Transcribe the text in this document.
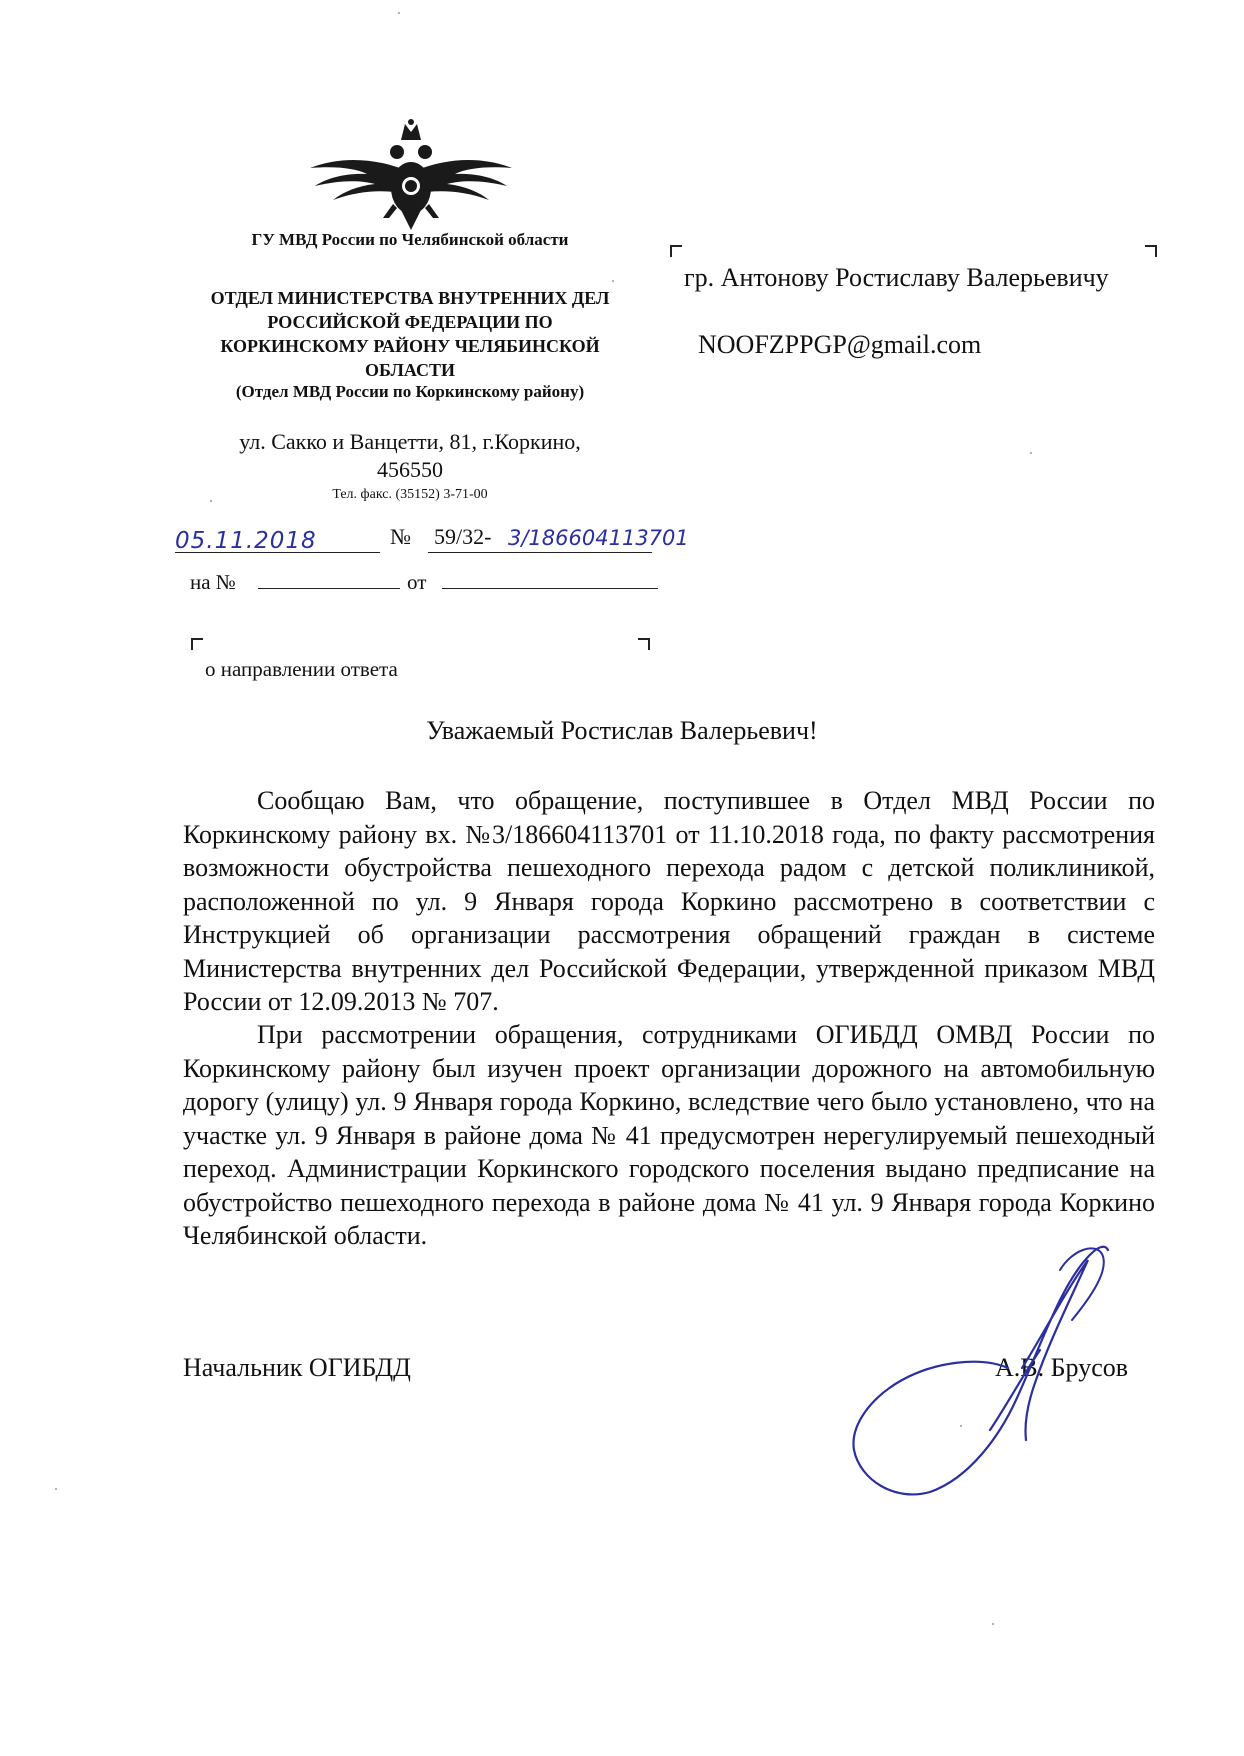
ГУ МВД России по Челябинской области
ОТДЕЛ МИНИСТЕРСТВА ВНУТРЕННИХ ДЕЛ
РОССИЙСКОЙ ФЕДЕРАЦИИ ПО
КОРКИНСКОМУ РАЙОНУ ЧЕЛЯБИНСКОЙ
ОБЛАСТИ
(Отдел МВД России по Коркинскому району)
ул. Сакко и Ванцетти, 81, г.Коркино,
456550
Тел. факс. (35152) 3-71-00
05.11.2018	№ 59/32- 3/186604113701
на №	от
о направлении ответа
гр. Антонову Ростиславу Валерьевичу
NOOFZPPGP@gmail.com
Уважаемый Ростислав Валерьевич!
Сообщаю Вам, что обращение, поступившее в Отдел МВД России по Коркинскому району вх. №3/186604113701 от 11.10.2018 года, по факту рассмотрения возможности обустройства пешеходного перехода радом с детской поликлиникой, расположенной по ул. 9 Января города Коркино рассмотрено в соответствии с Инструкцией об организации рассмотрения обращений граждан в системе Министерства внутренних дел Российской Федерации, утвержденной приказом МВД России от 12.09.2013 № 707.
При рассмотрении обращения, сотрудниками ОГИБДД ОМВД России по Коркинскому району был изучен проект организации дорожного на автомобильную дорогу (улицу) ул. 9 Января города Коркино, вследствие чего было установлено, что на участке ул. 9 Января в районе дома № 41 предусмотрен нерегулируемый пешеходный переход. Администрации Коркинского городского поселения выдано предписание на обустройство пешеходного перехода в районе дома № 41 ул. 9 Января города Коркино Челябинской области.
Начальник ОГИБДД	А.В. Брусов
